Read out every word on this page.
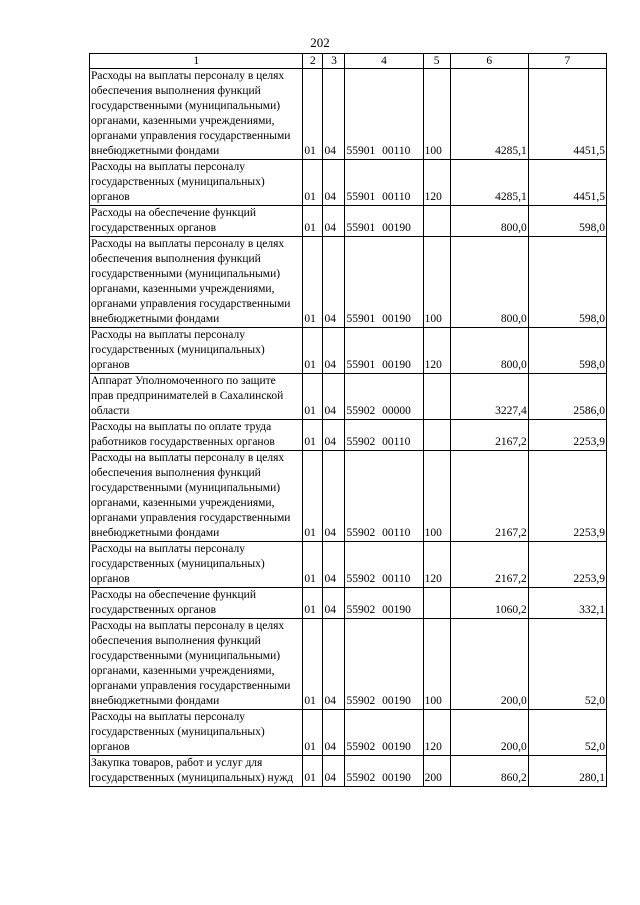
202
1	2	3	4	5	6	7
Расходы на выплаты персоналу в целях обеспечения выполнения функций государственными (муниципальными) органами, казенными учреждениями, органами управления государственными внебюджетными фондами	01	04	55901 00110	100	4285,1	4451,5
Расходы на выплаты персоналу государственных (муниципальных) органов	01	04	55901 00110	120	4285,1	4451,5
Расходы на обеспечение функций государственных органов	01	04	55901 00190		800,0	598,0
Расходы на выплаты персоналу в целях обеспечения выполнения функций государственными (муниципальными) органами, казенными учреждениями, органами управления государственными внебюджетными фондами	01	04	55901 00190	100	800,0	598,0
Расходы на выплаты персоналу государственных (муниципальных) органов	01	04	55901 00190	120	800,0	598,0
Аппарат Уполномоченного по защите прав предпринимателей в Сахалинской области	01	04	55902 00000		3227,4	2586,0
Расходы на выплаты по оплате труда работников государственных органов	01	04	55902 00110		2167,2	2253,9
Расходы на выплаты персоналу в целях обеспечения выполнения функций государственными (муниципальными) органами, казенными учреждениями, органами управления государственными внебюджетными фондами	01	04	55902 00110	100	2167,2	2253,9
Расходы на выплаты персоналу государственных (муниципальных) органов	01	04	55902 00110	120	2167,2	2253,9
Расходы на обеспечение функций государственных органов	01	04	55902 00190		1060,2	332,1
Расходы на выплаты персоналу в целях обеспечения выполнения функций государственными (муниципальными) органами, казенными учреждениями, органами управления государственными внебюджетными фондами	01	04	55902 00190	100	200,0	52,0
Расходы на выплаты персоналу государственных (муниципальных) органов	01	04	55902 00190	120	200,0	52,0
Закупка товаров, работ и услуг для государственных (муниципальных) нужд	01	04	55902 00190	200	860,2	280,1
